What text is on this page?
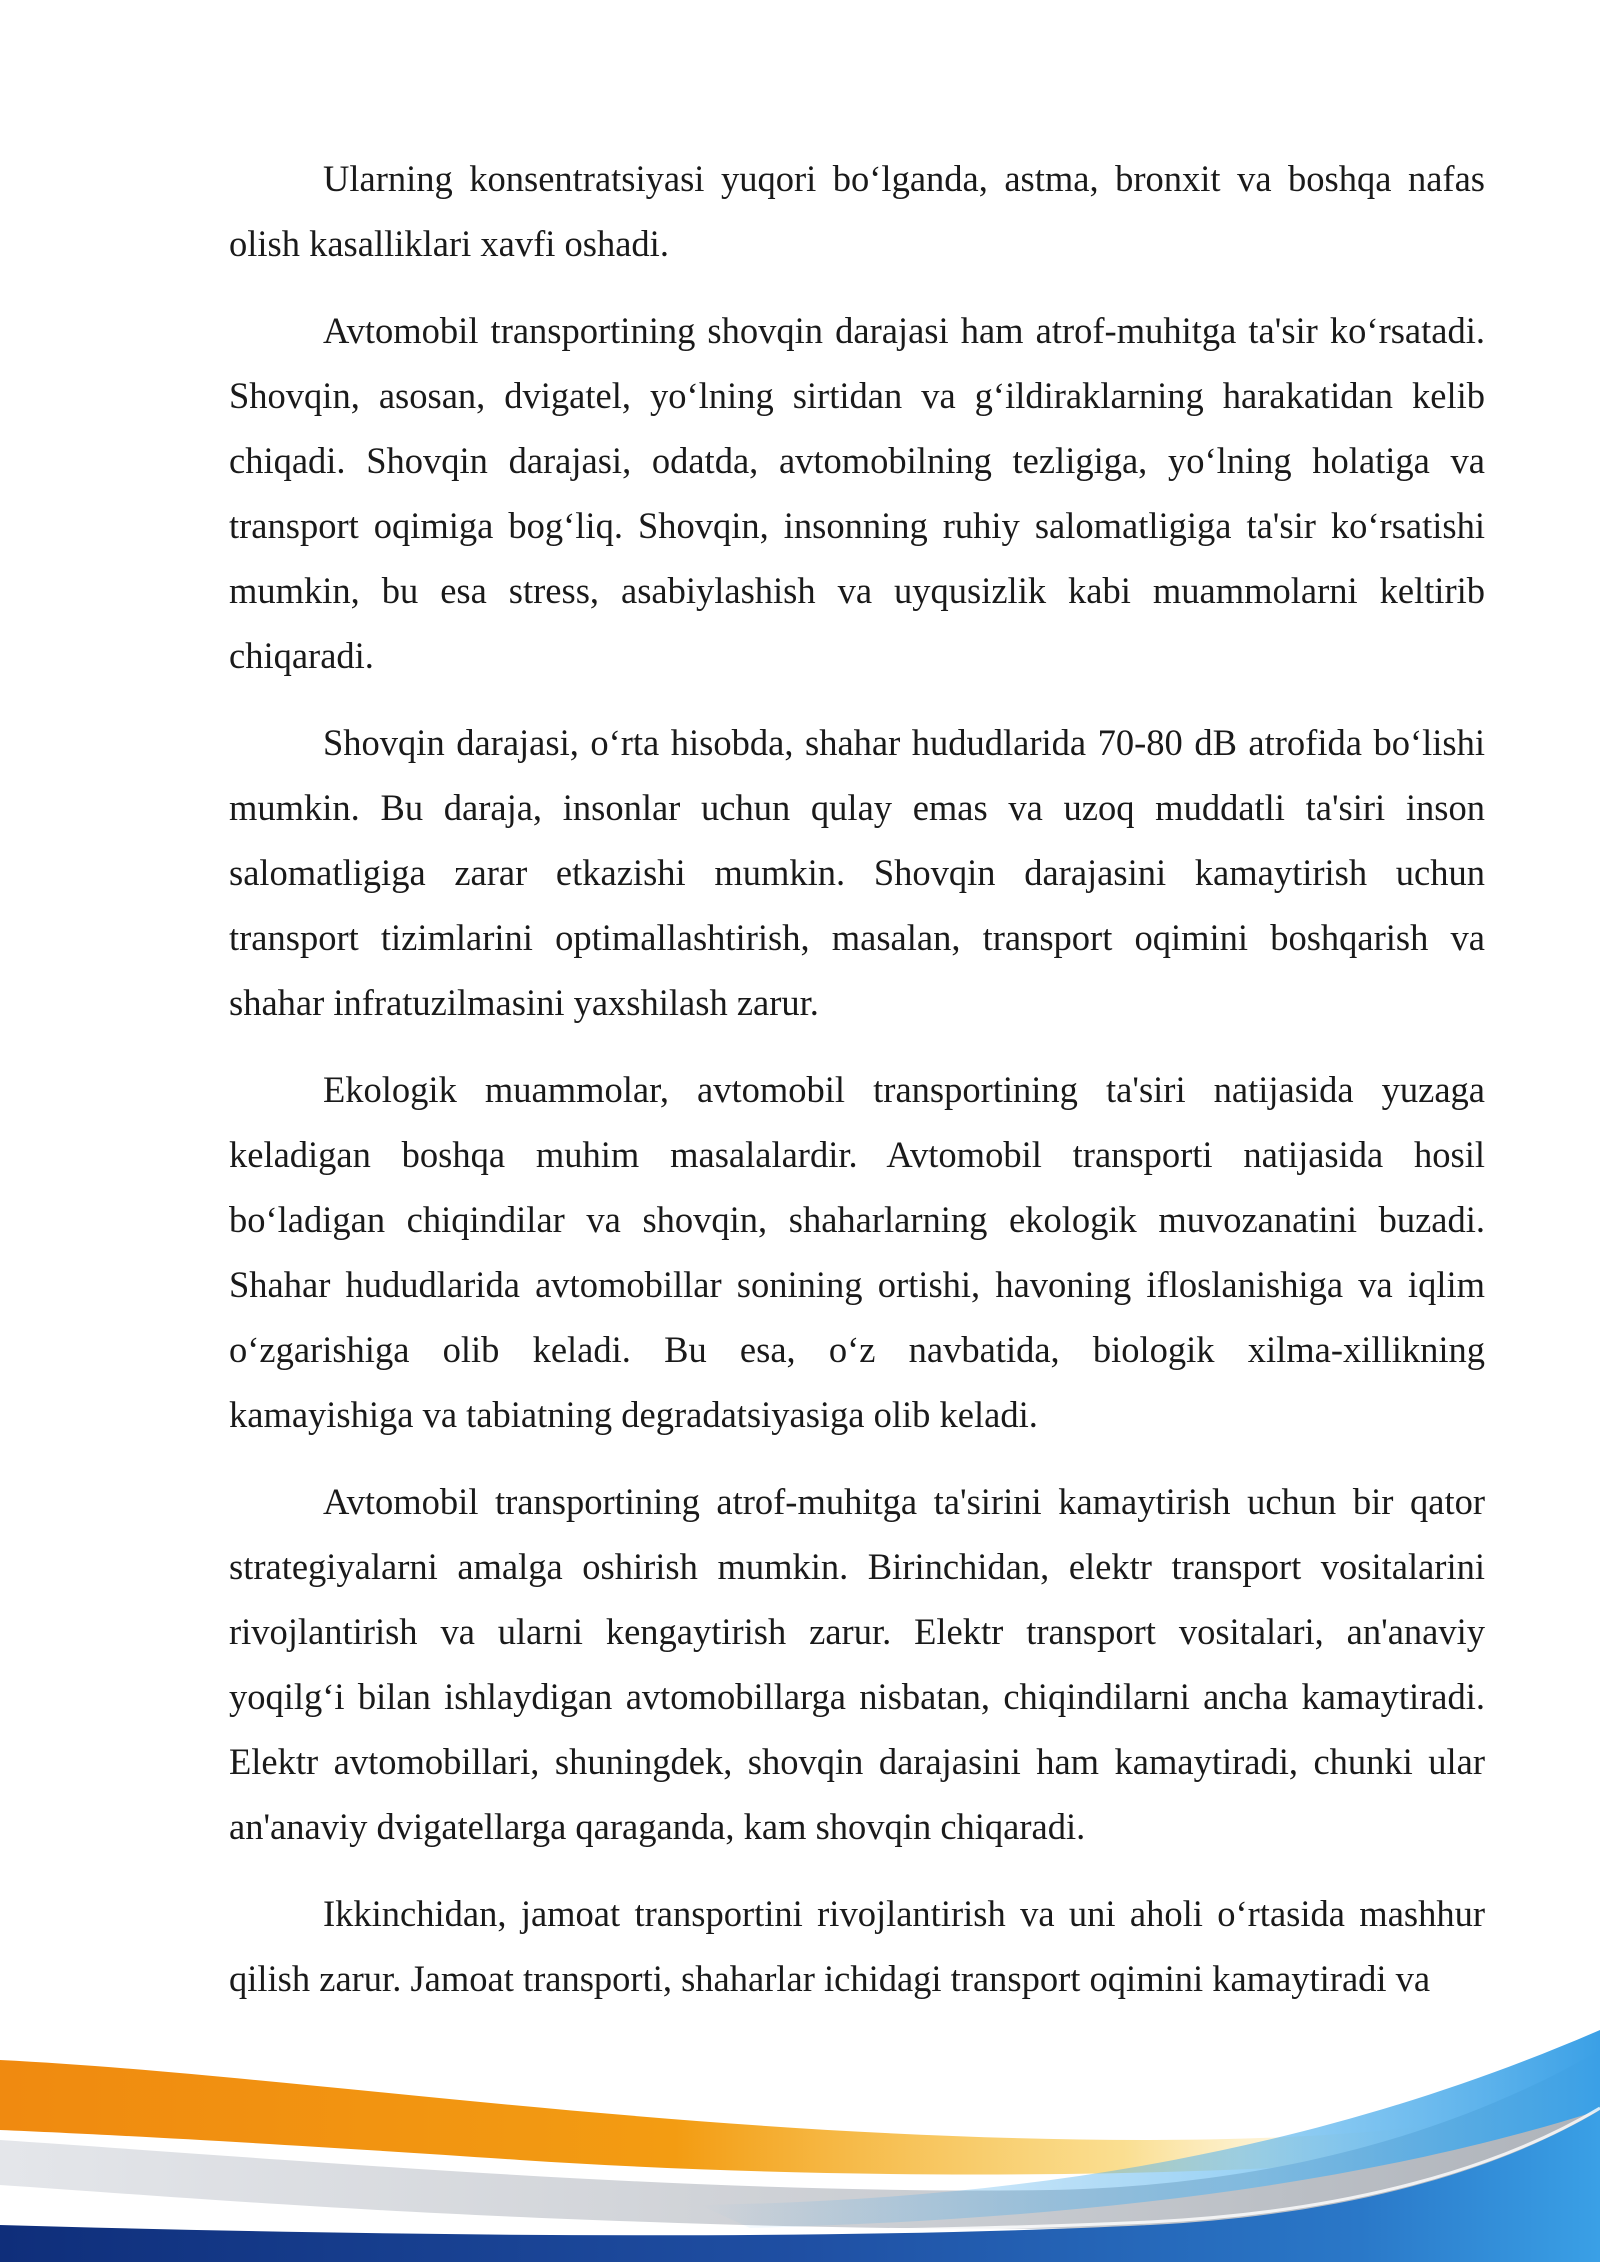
Ularning konsentratsiyasi yuqori bo‘lganda, astma, bronxit va boshqa nafas olish kasalliklari xavfi oshadi.

Avtomobil transportining shovqin darajasi ham atrof-muhitga ta'sir ko‘rsatadi. Shovqin, asosan, dvigatel, yo‘lning sirtidan va g‘ildiraklarning harakatidan kelib chiqadi. Shovqin darajasi, odatda, avtomobilning tezligiga, yo‘lning holatiga va transport oqimiga bog‘liq. Shovqin, insonning ruhiy salomatligiga ta'sir ko‘rsatishi mumkin, bu esa stress, asabiylashish va uyqusizlik kabi muammolarni keltirib chiqaradi.

Shovqin darajasi, o‘rta hisobda, shahar hududlarida 70-80 dB atrofida bo‘lishi mumkin. Bu daraja, insonlar uchun qulay emas va uzoq muddatli ta'siri inson salomatligiga zarar etkazishi mumkin. Shovqin darajasini kamaytirish uchun transport tizimlarini optimallashtirish, masalan, transport oqimini boshqarish va shahar infratuzilmasini yaxshilash zarur.

Ekologik muammolar, avtomobil transportining ta'siri natijasida yuzaga keladigan boshqa muhim masalalardir. Avtomobil transporti natijasida hosil bo‘ladigan chiqindilar va shovqin, shaharlarning ekologik muvozanatini buzadi. Shahar hududlarida avtomobillar sonining ortishi, havoning ifloslanishiga va iqlim o‘zgarishiga olib keladi. Bu esa, o‘z navbatida, biologik xilma-xillikning kamayishiga va tabiatning degradatsiyasiga olib keladi.

Avtomobil transportining atrof-muhitga ta'sirini kamaytirish uchun bir qator strategiyalarni amalga oshirish mumkin. Birinchidan, elektr transport vositalarini rivojlantirish va ularni kengaytirish zarur. Elektr transport vositalari, an'anaviy yoqilg‘i bilan ishlaydigan avtomobillarga nisbatan, chiqindilarni ancha kamaytiradi. Elektr avtomobillari, shuningdek, shovqin darajasini ham kamaytiradi, chunki ular an'anaviy dvigatellarga qaraganda, kam shovqin chiqaradi.

Ikkinchidan, jamoat transportini rivojlantirish va uni aholi o‘rtasida mashhur qilish zarur. Jamoat transporti, shaharlar ichidagi transport oqimini kamaytiradi va
